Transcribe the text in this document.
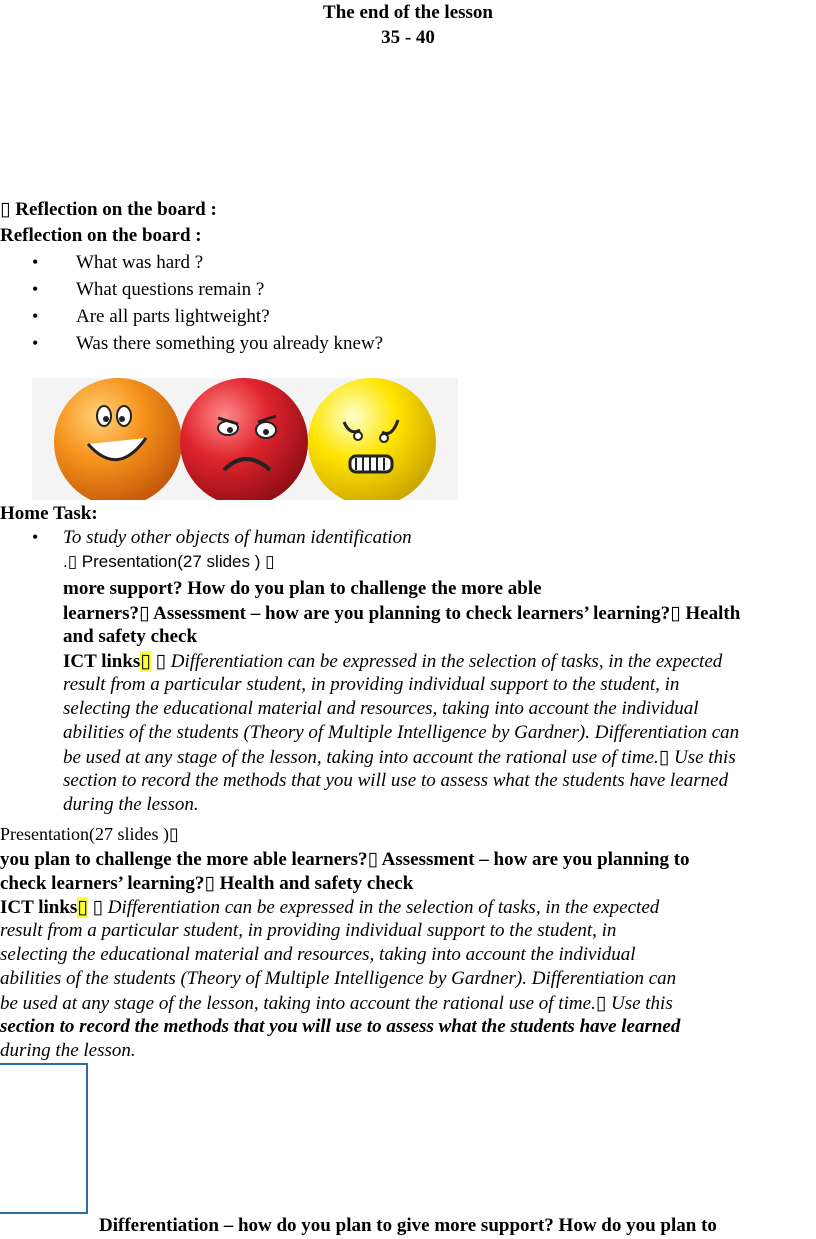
The end of the lesson
35 - 40
▯ Reflection on the board :
Reflection on the board :
• What was hard ?
• What questions remain ?
• Are all parts lightweight?
• Was there something you already knew?
Home Task:
• To study other objects of human identification
.▯ Presentation(27 slides ) ▯
more support? How do you plan to challenge the more able
learners?▯ Assessment – how are you planning to check learners’ learning?▯ Health
and safety check
ICT links▯ ▯ Differentiation can be expressed in the selection of tasks, in the expected
result from a particular student, in providing individual support to the student, in
selecting the educational material and resources, taking into account the individual
abilities of the students (Theory of Multiple Intelligence by Gardner). Differentiation can
be used at any stage of the lesson, taking into account the rational use of time.▯ Use this
section to record the methods that you will use to assess what the students have learned
during the lesson.
Presentation(27 slides )▯
you plan to challenge the more able learners?▯ Assessment – how are you planning to
check learners’ learning?▯ Health and safety check
ICT links▯ ▯ Differentiation can be expressed in the selection of tasks, in the expected
result from a particular student, in providing individual support to the student, in
selecting the educational material and resources, taking into account the individual
abilities of the students (Theory of Multiple Intelligence by Gardner). Differentiation can
be used at any stage of the lesson, taking into account the rational use of time.▯ Use this
section to record the methods that you will use to assess what the students have learned
during the lesson.
Differentiation – how do you plan to give more support? How do you plan to
